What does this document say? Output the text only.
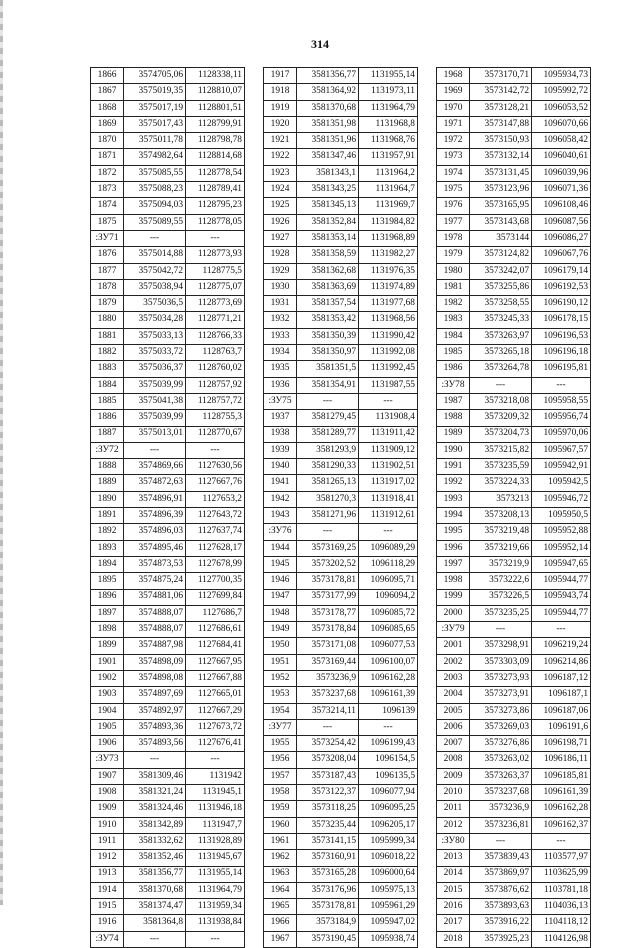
314
1866	3574705,06	1128338,11
1867	3575019,35	1128810,07
1868	3575017,19	1128801,51
1869	3575017,43	1128799,91
1870	3575011,78	1128798,78
1871	3574982,64	1128814,68
1872	3575085,55	1128778,54
1873	3575088,23	1128789,41
1874	3575094,03	1128795,23
1875	3575089,55	1128778,05
:ЗУ71	---	---
1876	3575014,88	1128773,93
1877	3575042,72	1128775,5
1878	3575038,94	1128775,07
1879	3575036,5	1128773,69
1880	3575034,28	1128771,21
1881	3575033,13	1128766,33
1882	3575033,72	1128763,7
1883	3575036,37	1128760,02
1884	3575039,99	1128757,92
1885	3575041,38	1128757,72
1886	3575039,99	1128755,3
1887	3575013,01	1128770,67
:ЗУ72	---	---
1888	3574869,66	1127630,56
1889	3574872,63	1127667,76
1890	3574896,91	1127653,2
1891	3574896,39	1127643,72
1892	3574896,03	1127637,74
1893	3574895,46	1127628,17
1894	3574873,53	1127678,99
1895	3574875,24	1127700,35
1896	3574881,06	1127699,84
1897	3574888,07	1127686,7
1898	3574888,07	1127686,61
1899	3574887,98	1127684,41
1901	3574898,09	1127667,95
1902	3574898,08	1127667,88
1903	3574897,69	1127665,01
1904	3574892,97	1127667,29
1905	3574893,36	1127673,72
1906	3574893,56	1127676,41
:ЗУ73	---	---
1907	3581309,46	1131942
1908	3581321,24	1131945,1
1909	3581324,46	1131946,18
1910	3581342,89	1131947,7
1911	3581332,62	1131928,89
1912	3581352,46	1131945,67
1913	3581356,77	1131955,14
1914	3581370,68	1131964,79
1915	3581374,47	1131959,34
1916	3581364,8	1131938,84
:ЗУ74	---	---
1917	3581356,77	1131955,14
1918	3581364,92	1131973,11
1919	3581370,68	1131964,79
1920	3581351,98	1131968,8
1921	3581351,96	1131968,76
1922	3581347,46	1131957,91
1923	3581343,1	1131964,2
1924	3581343,25	1131964,7
1925	3581345,13	1131969,7
1926	3581352,84	1131984,82
1927	3581353,14	1131968,89
1928	3581358,59	1131982,27
1929	3581362,68	1131976,35
1930	3581363,69	1131974,89
1931	3581357,54	1131977,68
1932	3581353,42	1131968,56
1933	3581350,39	1131990,42
1934	3581350,97	1131992,08
1935	3581351,5	1131992,45
1936	3581354,91	1131987,55
:ЗУ75	---	---
1937	3581279,45	1131908,4
1938	3581289,77	1131911,42
1939	3581293,9	1131909,12
1940	3581290,33	1131902,51
1941	3581265,13	1131917,02
1942	3581270,3	1131918,41
1943	3581271,96	1131912,61
:ЗУ76	---	---
1944	3573169,25	1096089,29
1945	3573202,52	1096118,29
1946	3573178,81	1096095,71
1947	3573177,99	1096094,2
1948	3573178,77	1096085,72
1949	3573178,84	1096085,65
1950	3573171,08	1096077,53
1951	3573169,44	1096100,07
1952	3573236,9	1096162,28
1953	3573237,68	1096161,39
1954	3573214,11	1096139
:ЗУ77	---	---
1955	3573254,42	1096199,43
1956	3573208,04	1096154,5
1957	3573187,43	1096135,5
1958	3573122,37	1096077,94
1959	3573118,25	1096095,25
1960	3573235,44	1096205,17
1961	3573141,15	1095999,34
1962	3573160,91	1096018,22
1963	3573165,28	1096000,64
1964	3573176,96	1095975,13
1965	3573178,81	1095961,29
1966	3573184,9	1095947,02
1967	3573190,45	1095938,74
1968	3573170,71	1095934,73
1969	3573142,72	1095992,72
1970	3573128,21	1096053,52
1971	3573147,88	1096070,66
1972	3573150,93	1096058,42
1973	3573132,14	1096040,61
1974	3573131,45	1096039,96
1975	3573123,96	1096071,36
1976	3573165,95	1096108,46
1977	3573143,68	1096087,56
1978	3573144	1096086,27
1979	3573124,82	1096067,76
1980	3573242,07	1096179,14
1981	3573255,86	1096192,53
1982	3573258,55	1096190,12
1983	3573245,33	1096178,15
1984	3573263,97	1096196,53
1985	3573265,18	1096196,18
1986	3573264,78	1096195,81
:ЗУ78	---	---
1987	3573218,08	1095958,55
1988	3573209,32	1095956,74
1989	3573204,73	1095970,06
1990	3573215,82	1095967,57
1991	3573235,59	1095942,91
1992	3573224,33	1095942,5
1993	3573213	1095946,72
1994	3573208,13	1095950,5
1995	3573219,48	1095952,88
1996	3573219,66	1095952,14
1997	3573219,9	1095947,65
1998	3573222,6	1095944,77
1999	3573226,5	1095943,74
2000	3573235,25	1095944,77
:ЗУ79	---	---
2001	3573298,91	1096219,24
2002	3573303,09	1096214,86
2003	3573273,93	1096187,12
2004	3573273,91	1096187,1
2005	3573273,86	1096187,06
2006	3573269,03	1096191,6
2007	3573276,86	1096198,71
2008	3573263,02	1096186,11
2009	3573263,37	1096185,81
2010	3573237,68	1096161,39
2011	3573236,9	1096162,28
2012	3573236,81	1096162,37
:ЗУ80	---	---
2013	3573839,43	1103577,97
2014	3573869,97	1103625,99
2015	3573876,62	1103781,18
2016	3573893,63	1104036,13
2017	3573916,22	1104118,12
2018	3573925,23	1104126,98
